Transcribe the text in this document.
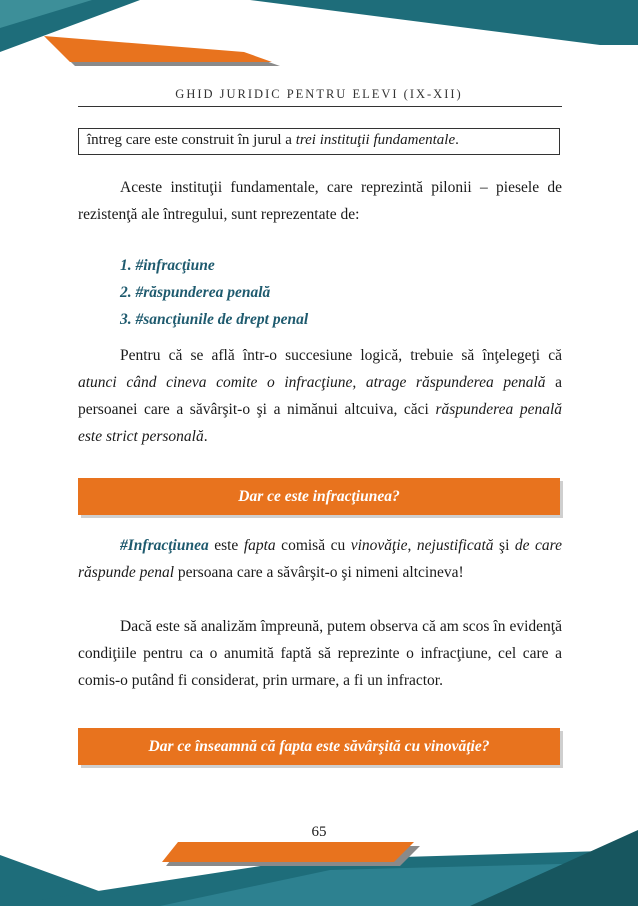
GHID JURIDIC PENTRU ELEVI (IX-XII)
întreg care este construit în jurul a trei instituţii fundamentale.

Aceste instituţii fundamentale, care reprezintă pilonii – piesele de rezistenţă ale întregului, sunt reprezentate de:

1. #infracţiune
2. #răspunderea penală
3. #sancţiunile de drept penal

Pentru că se află într-o succesiune logică, trebuie să înţelegeţi că atunci când cineva comite o infracţiune, atrage răspunderea penală a persoanei care a săvârşit-o şi a nimănui altcuiva, căci răspunderea penală este strict personală.

Dar ce este infracţiunea?

#Infracţiunea este fapta comisă cu vinovăţie, nejustificată şi de care răspunde penal persoana care a săvârşit-o şi nimeni altcineva!

Dacă este să analizăm împreună, putem observa că am scos în evidenţă condiţiile pentru ca o anumită faptă să reprezinte o infracţiune, cel care a comis-o putând fi considerat, prin urmare, a fi un infractor.

Dar ce înseamnă că fapta este săvârşită cu vinovăţie?
65
